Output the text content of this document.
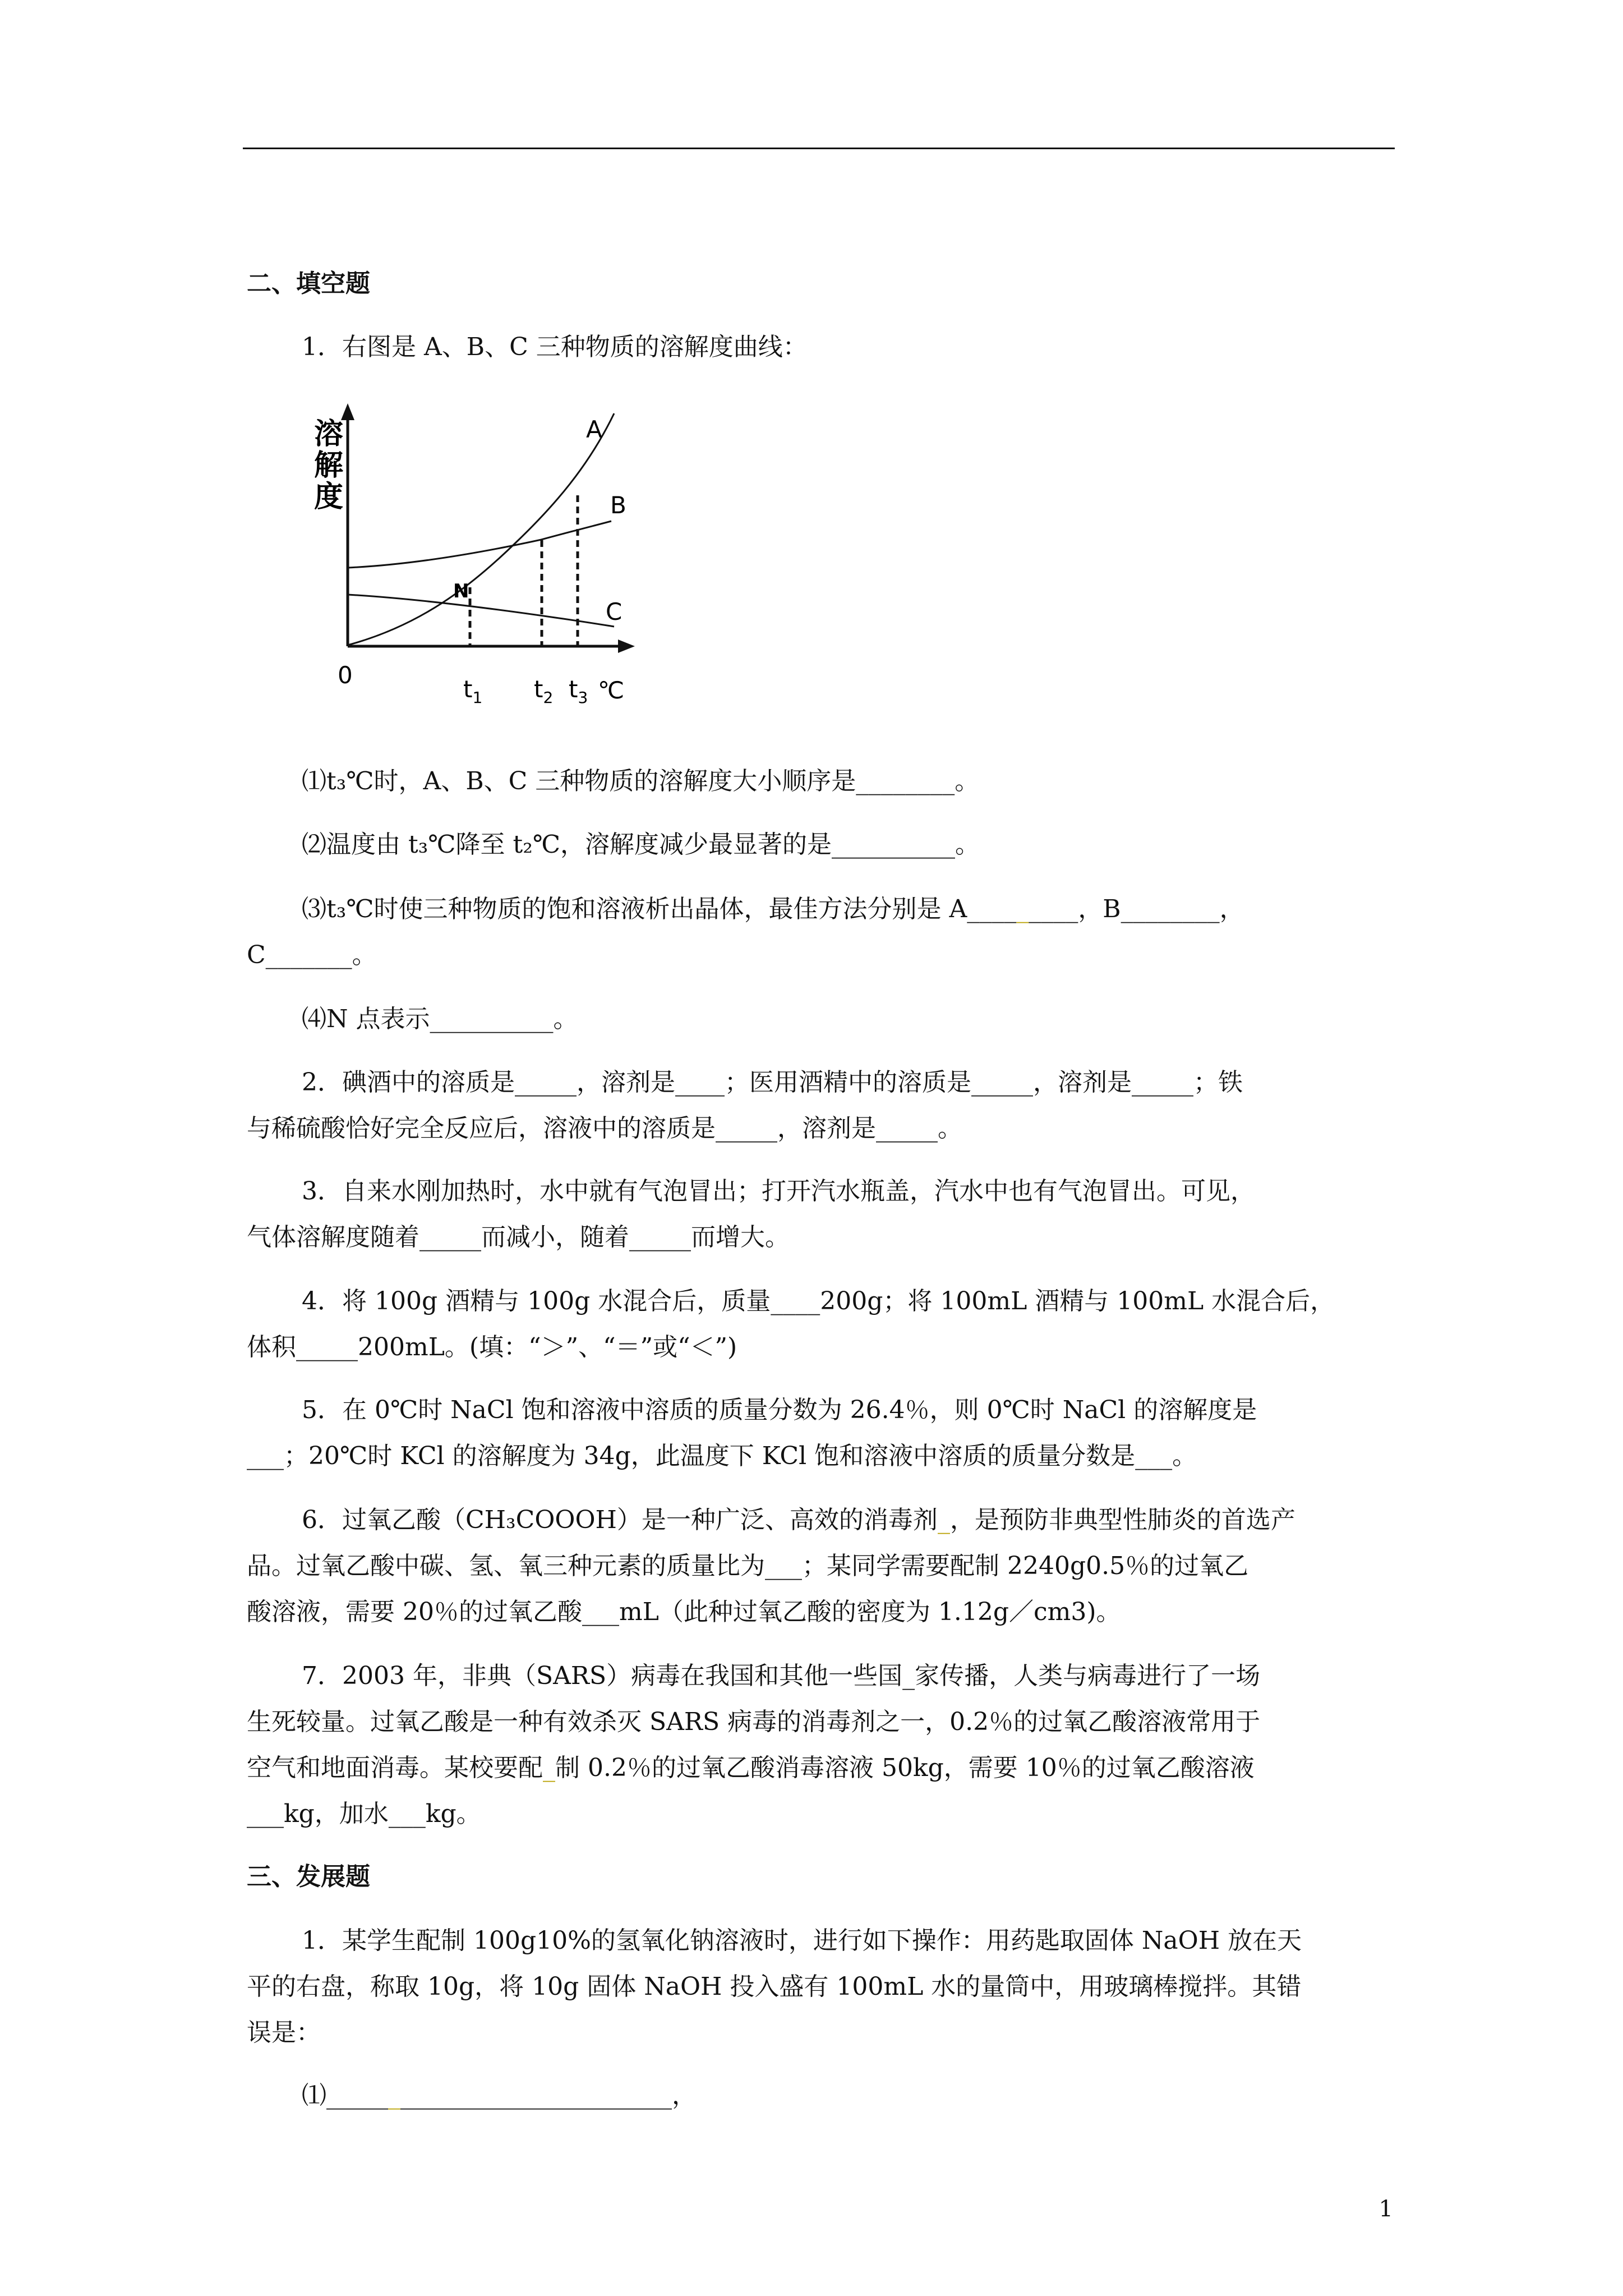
二、填空题
1．右图是 A、B、C 三种物质的溶解度曲线：
溶
解
度
A
B
C
N
0
$t_1$ $t_2$ $t_3$ ℃
⑴t₃℃时，A、B、C 三种物质的溶解度大小顺序是________。
⑵温度由 t₃℃降至 t₂℃，溶解度减少最显著的是__________。
⑶t₃℃时使三种物质的饱和溶液析出晶体，最佳方法分别是 A_________，B________，
C_______。
⑷N 点表示__________。
2．碘酒中的溶质是_____，溶剂是____；医用酒精中的溶质是_____，溶剂是_____；铁
与稀硫酸恰好完全反应后，溶液中的溶质是_____，溶剂是_____。
3．自来水刚加热时，水中就有气泡冒出；打开汽水瓶盖，汽水中也有气泡冒出。可见，
气体溶解度随着_____而减小，随着_____而增大。
4．将 100g 酒精与 100g 水混合后，质量____200g；将 100mL 酒精与 100mL 水混合后，
体积_____200mL。(填：“＞”、“＝”或“＜”)
5．在 0℃时 NaCl 饱和溶液中溶质的质量分数为 26.4％，则 0℃时 NaCl 的溶解度是
___；20℃时 KCl 的溶解度为 34g，此温度下 KCl 饱和溶液中溶质的质量分数是___。
6．过氧乙酸（CH₃COOOH）是一种广泛、高效的消毒剂_，是预防非典型性肺炎的首选产
品。过氧乙酸中碳、氢、氧三种元素的质量比为___；某同学需要配制 2240g0.5％的过氧乙
酸溶液，需要 20％的过氧乙酸___mL（此种过氧乙酸的密度为 1.12g／cm3)。
7．2003 年，非典（SARS）病毒在我国和其他一些国_家传播，人类与病毒进行了一场
生死较量。过氧乙酸是一种有效杀灭 SARS 病毒的消毒剂之一，0.2％的过氧乙酸溶液常用于
空气和地面消毒。某校要配_制 0.2％的过氧乙酸消毒溶液 50kg，需要 10％的过氧乙酸溶液
___kg，加水___kg。
三、发展题
1．某学生配制 100g10%的氢氧化钠溶液时，进行如下操作：用药匙取固体 NaOH 放在天
平的右盘，称取 10g，将 10g 固体 NaOH 投入盛有 100mL 水的量筒中，用玻璃棒搅拌。其错
误是：
⑴____________________________，
1
